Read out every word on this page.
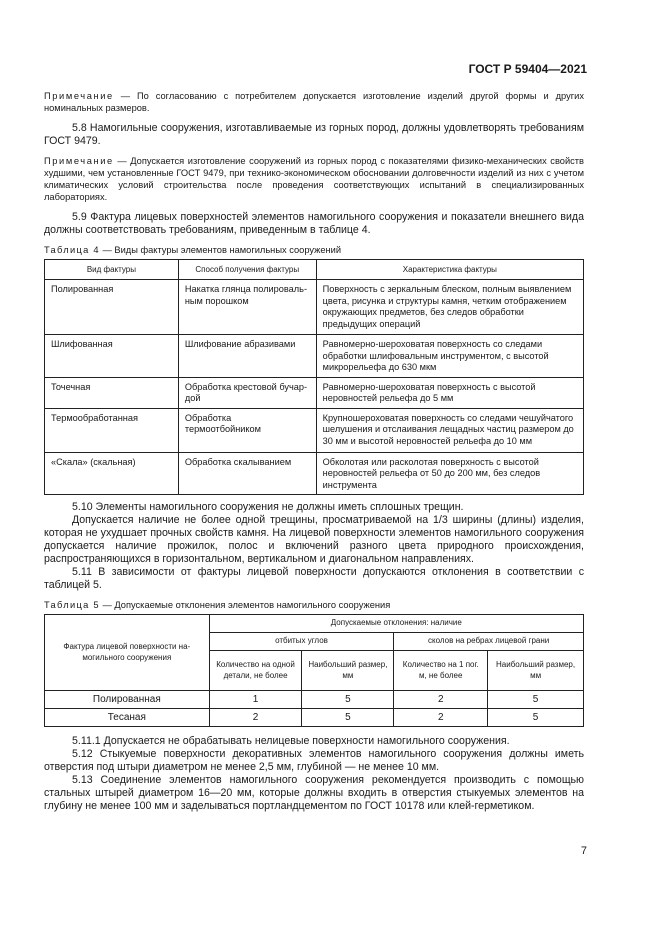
ГОСТ Р 59404—2021

Примечание — По согласованию с потребителем допускается изготовление изделий другой формы и других номинальных размеров.

5.8 Намогильные сооружения, изготавливаемые из горных пород, должны удовлетворять требованиям ГОСТ 9479.

Примечание — Допускается изготовление сооружений из горных пород с показателями физико-механических свойств худшими, чем установленные ГОСТ 9479, при технико-экономическом обосновании долговечности изделий из них с учетом климатических условий строительства после проведения соответствующих испытаний в специализированных лабораториях.

5.9 Фактура лицевых поверхностей элементов намогильного сооружения и показатели внешнего вида должны соответствовать требованиям, приведенным в таблице 4.

Таблица 4 — Виды фактуры элементов намогильных сооружений
Вид фактуры	Способ получения фактуры	Характеристика фактуры
Полированная	Накатка глянца полировальным порошком	Поверхность с зеркальным блеском, полным выявлением цвета, рисунка и структуры камня, четким отображением окружающих предметов, без следов обработки предыдущих операций
Шлифованная	Шлифование абразивами	Равномерно-шероховатая поверхность со следами обработки шлифовальным инструментом, с высотой микрорельефа до 630 мкм
Точечная	Обработка крестовой бучардой	Равномерно-шероховатая поверхность с высотой неровностей рельефа до 5 мм
Термообработанная	Обработка термоотбойником	Крупношероховатая поверхность со следами чешуйчатого шелушения и отслаивания лещадных частиц размером до 30 мм и высотой неровностей рельефа до 10 мм
«Скала» (скальная)	Обработка скалыванием	Обколотая или расколотая поверхность с высотой неровностей рельефа от 50 до 200 мм, без следов инструмента

5.10 Элементы намогильного сооружения не должны иметь сплошных трещин.

Допускается наличие не более одной трещины, просматриваемой на 1/3 ширины (длины) изделия, которая не ухудшает прочных свойств камня. На лицевой поверхности элементов намогильного сооружения допускается наличие прожилок, полос и включений разного цвета природного происхождения, распространяющихся в горизонтальном, вертикальном и диагональном направлениях.

5.11 В зависимости от фактуры лицевой поверхности допускаются отклонения в соответствии с таблицей 5.

Таблица 5 — Допускаемые отклонения элементов намогильного сооружения
Фактура лицевой поверхности намогильного сооружения	Допускаемые отклонения: наличие			
	отбитых углов		сколов на ребрах лицевой грани	
	Количество на одной детали, не более	Наибольший размер, мм	Количество на 1 пог. м, не более	Наибольший размер, мм
Полированная	1	5	2	5
Тесаная	2	5	2	5

5.11.1 Допускается не обрабатывать нелицевые поверхности намогильного сооружения.

5.12 Стыкуемые поверхности декоративных элементов намогильного сооружения должны иметь отверстия под штыри диаметром не менее 2,5 мм, глубиной — не менее 10 мм.

5.13 Соединение элементов намогильного сооружения рекомендуется производить с помощью стальных штырей диаметром 16—20 мм, которые должны входить в отверстия стыкуемых элементов на глубину не менее 100 мм и заделываться портландцементом по ГОСТ 10178 или клей-герметиком.

7
